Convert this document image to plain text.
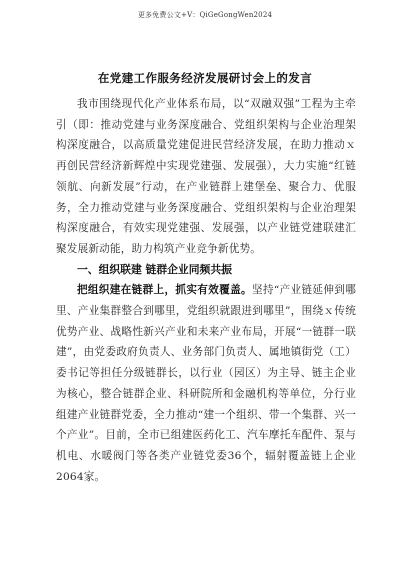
更多免费公文+V：QiGeGongWen2024
在党建工作服务经济发展研讨会上的发言

我市围绕现代化产业体系布局，以“双融双强”工程为主牵引（即：推动党建与业务深度融合、党组织架构与企业治理架构深度融合，以高质量党建促进民营经济发展，在助力推动ｘ再创民营经济新辉煌中实现党建强、发展强），大力实施“红链领航、向新发展”行动，在产业链群上建堡垒、聚合力、优服务，全力推动党建与业务深度融合、党组织架构与企业治理架构深度融合，有效实现党建强、发展强，以产业链党建联建汇聚发展新动能，助力构筑产业竞争新优势。

一、组织联建 链群企业同频共振

把组织建在链群上，抓实有效覆盖。坚持“产业链延伸到哪里、产业集群整合到哪里，党组织就跟进到哪里”，围绕ｘ传统优势产业、战略性新兴产业和未来产业布局，开展“一链群一联建”，由党委政府负责人、业务部门负责人、属地镇街党（工）委书记等担任分级链群长，以行业（园区）为主导、链主企业为核心，整合链群企业、科研院所和金融机构等单位，分行业组建产业链群党委，全力推动“建一个组织、带一个集群、兴一个产业”。目前，全市已组建医药化工、汽车摩托车配件、泵与机电、水暖阀门等各类产业链党委36个，辐射覆盖链上企业2064家。
